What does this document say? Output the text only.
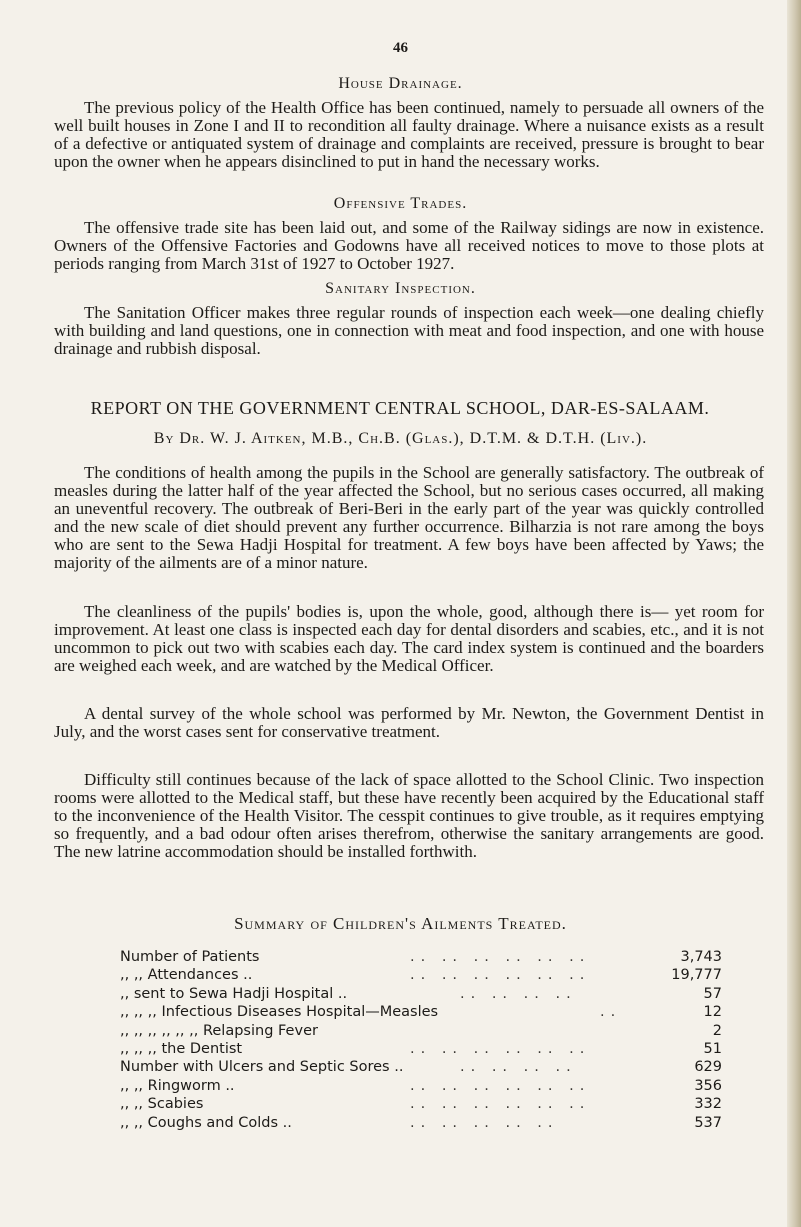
46
House Drainage.

The previous policy of the Health Office has been continued, namely to persuade all owners of the well built houses in Zone I and II to recondition all faulty drainage. Where a nuisance exists as a result of a defective or antiquated system of drainage and complaints are received, pressure is brought to bear upon the owner when he appears disinclined to put in hand the necessary works.

Offensive Trades.

The offensive trade site has been laid out, and some of the Railway sidings are now in existence. Owners of the Offensive Factories and Godowns have all received notices to move to those plots at periods ranging from March 31st of 1927 to October 1927.

Sanitary Inspection.

The Sanitation Officer makes three regular rounds of inspection each week—one dealing chiefly with building and land questions, one in connection with meat and food inspection, and one with house drainage and rubbish disposal.

REPORT ON THE GOVERNMENT CENTRAL SCHOOL, DAR-ES-SALAAM.
By Dr. W. J. Aitken, M.B., Ch.B. (Glas.), D.T.M. & D.T.H. (Liv.).

The conditions of health among the pupils in the School are generally satisfactory. The outbreak of measles during the latter half of the year affected the School, but no serious cases occurred, all making an uneventful recovery. The outbreak of Beri-Beri in the early part of the year was quickly controlled and the new scale of diet should prevent any further occurrence. Bilharzia is not rare among the boys who are sent to the Sewa Hadji Hospital for treatment. A few boys have been affected by Yaws; the majority of the ailments are of a minor nature.

The cleanliness of the pupils' bodies is, upon the whole, good, although there is— yet room for improvement. At least one class is inspected each day for dental disorders and scabies, etc., and it is not uncommon to pick out two with scabies each day. The card index system is continued and the boarders are weighed each week, and are watched by the Medical Officer.

A dental survey of the whole school was performed by Mr. Newton, the Government Dentist in July, and the worst cases sent for conservative treatment.

Difficulty still continues because of the lack of space allotted to the School Clinic. Two inspection rooms were allotted to the Medical staff, but these have recently been acquired by the Educational staff to the inconvenience of the Health Visitor. The cesspit continues to give trouble, as it requires emptying so frequently, and a bad odour often arises therefrom, otherwise the sanitary arrangements are good. The new latrine accommodation should be installed forthwith.

Summary of Children's Ailments Treated.
Number of Patients	.. .. .. .. .. ..	3,743
,, ,, Attendances ..	.. .. .. .. .. ..	19,777
,, sent to Sewa Hadji Hospital ..	.. .. .. ..	57
,, ,, ,, Infectious Diseases Hospital—Measles	..	12
,, ,, ,, ,, ,, ,, Relapsing Fever	2
,, ,, ,, the Dentist	.. .. .. .. .. ..	51
Number with Ulcers and Septic Sores ..	.. .. .. ..	629
,, ,, Ringworm ..	.. .. .. .. .. ..	356
,, ,, Scabies	.. .. .. .. .. ..	332
,, ,, Coughs and Colds ..	.. .. .. .. ..	537
